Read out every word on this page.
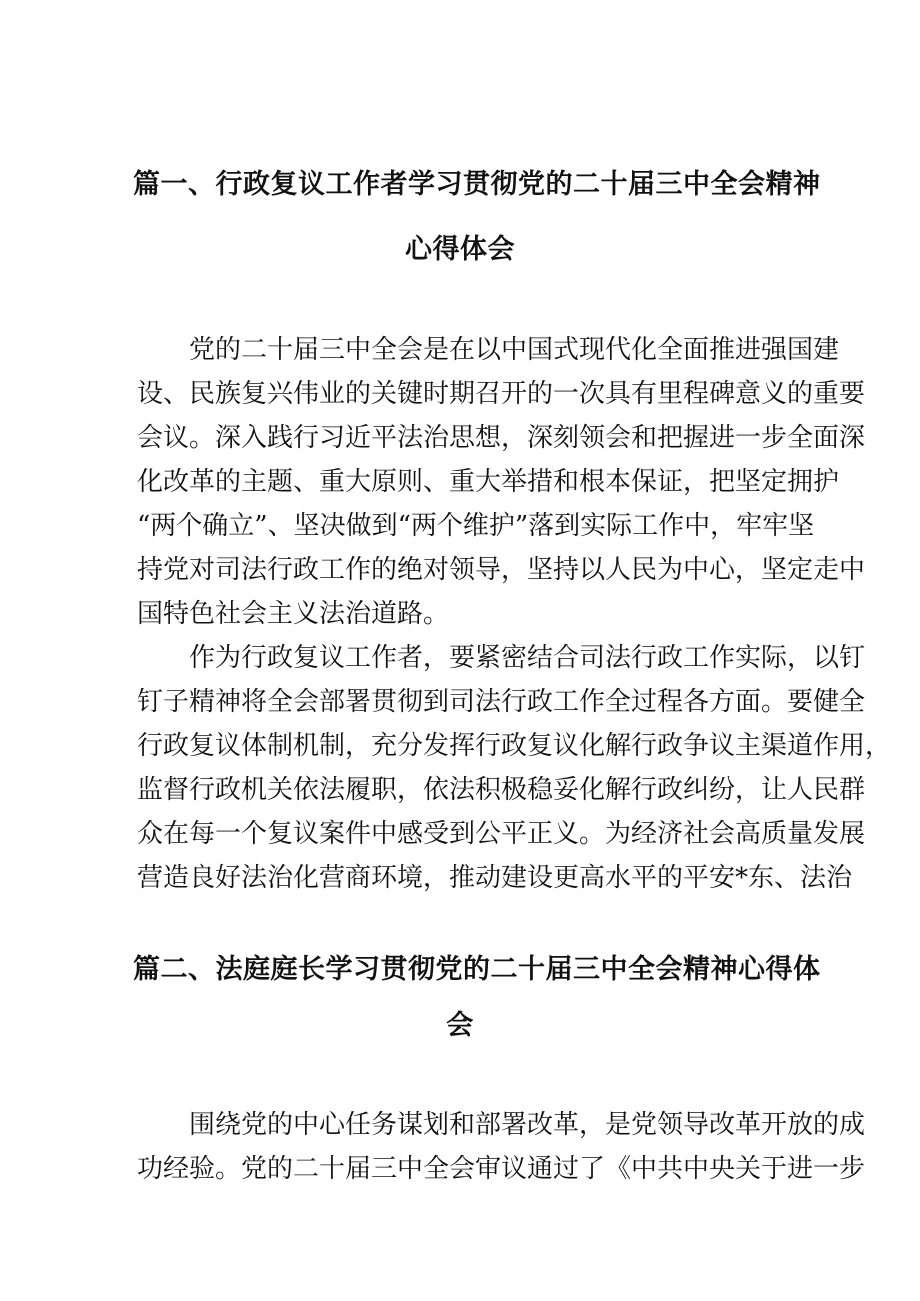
篇一、行政复议工作者学习贯彻党的二十届三中全会精神
心得体会
　　党的二十届三中全会是在以中国式现代化全面推进强国建
设、民族复兴伟业的关键时期召开的一次具有里程碑意义的重要
会议。深入践行习近平法治思想，深刻领会和把握进一步全面深
化改革的主题、重大原则、重大举措和根本保证，把坚定拥护
“两个确立”、坚决做到“两个维护”落到实际工作中，牢牢坚
持党对司法行政工作的绝对领导，坚持以人民为中心，坚定走中
国特色社会主义法治道路。
　　作为行政复议工作者，要紧密结合司法行政工作实际，以钉
钉子精神将全会部署贯彻到司法行政工作全过程各方面。要健全
行政复议体制机制，充分发挥行政复议化解行政争议主渠道作用，
监督行政机关依法履职，依法积极稳妥化解行政纠纷，让人民群
众在每一个复议案件中感受到公平正义。为经济社会高质量发展
营造良好法治化营商环境，推动建设更高水平的平安*东、法治
篇二、法庭庭长学习贯彻党的二十届三中全会精神心得体
会
　　围绕党的中心任务谋划和部署改革，是党领导改革开放的成
功经验。党的二十届三中全会审议通过了《中共中央关于进一步
